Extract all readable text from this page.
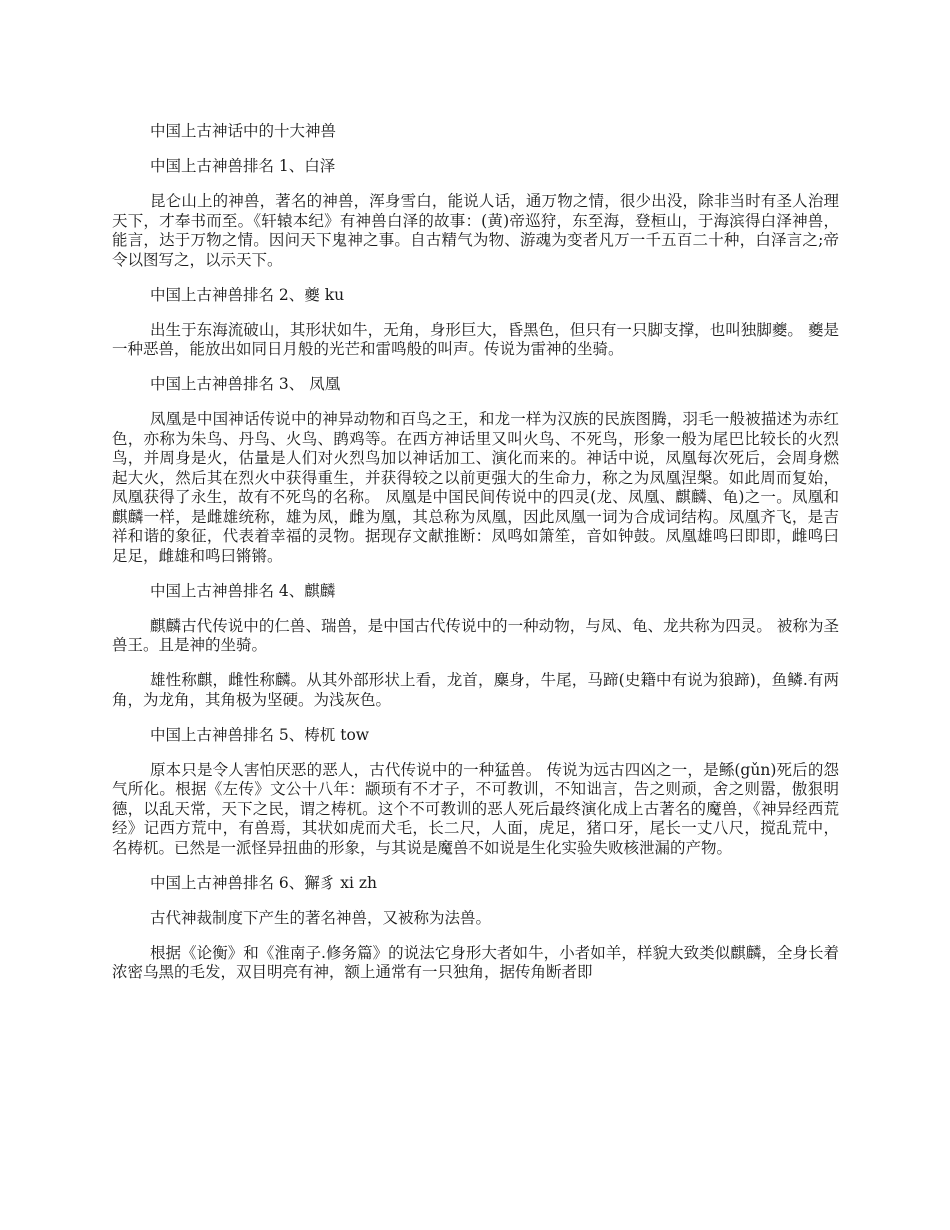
中国上古神话中的十大神兽

中国上古神兽排名 1、白泽

昆仑山上的神兽，著名的神兽，浑身雪白，能说人话，通万物之情，很少出没，除非当时有圣人治理天下，才奉书而至。《轩辕本纪》有神兽白泽的故事：(黄)帝巡狩，东至海，登桓山，于海滨得白泽神兽，能言，达于万物之情。因问天下鬼神之事。自古精气为物、游魂为变者凡万一千五百二十种，白泽言之;帝令以图写之，以示天下。

中国上古神兽排名 2、夔 ku

出生于东海流破山，其形状如牛，无角，身形巨大，昏黑色，但只有一只脚支撑，也叫独脚夔。 夔是一种恶兽，能放出如同日月般的光芒和雷鸣般的叫声。传说为雷神的坐骑。

中国上古神兽排名 3、 凤凰

凤凰是中国神话传说中的神异动物和百鸟之王，和龙一样为汉族的民族图腾，羽毛一般被描述为赤红色，亦称为朱鸟、丹鸟、火鸟、鹍鸡等。在西方神话里又叫火鸟、不死鸟，形象一般为尾巴比较长的火烈鸟，并周身是火，估量是人们对火烈鸟加以神话加工、演化而来的。神话中说，凤凰每次死后，会周身燃起大火，然后其在烈火中获得重生，并获得较之以前更强大的生命力，称之为凤凰涅槃。如此周而复始，凤凰获得了永生，故有不死鸟的名称。 凤凰是中国民间传说中的四灵(龙、凤凰、麒麟、龟)之一。凤凰和麒麟一样，是雌雄统称，雄为凤，雌为凰，其总称为凤凰，因此凤凰一词为合成词结构。凤凰齐飞，是吉祥和谐的象征，代表着幸福的灵物。据现存文献推断：凤鸣如箫笙，音如钟鼓。凤凰雄鸣曰即即，雌鸣曰足足，雌雄和鸣曰锵锵。

中国上古神兽排名 4、麒麟

麒麟古代传说中的仁兽、瑞兽，是中国古代传说中的一种动物，与凤、龟、龙共称为四灵。 被称为圣兽王。且是神的坐骑。

雄性称麒，雌性称麟。从其外部形状上看，龙首，麋身，牛尾，马蹄(史籍中有说为狼蹄)，鱼鳞.有两角，为龙角，其角极为坚硬。为浅灰色。

中国上古神兽排名 5、梼杌 tow

原本只是令人害怕厌恶的恶人，古代传说中的一种猛兽。 传说为远古四凶之一，是鲧(gǔn)死后的怨气所化。根据《左传》文公十八年：颛顼有不才子，不可教训，不知诎言，告之则顽，舍之则嚣，傲狠明德，以乱天常，天下之民，谓之梼杌。这个不可教训的恶人死后最终演化成上古著名的魔兽，《神异经西荒经》记西方荒中，有兽焉，其状如虎而犬毛，长二尺，人面，虎足，猪口牙，尾长一丈八尺，搅乱荒中，名梼杌。已然是一派怪异扭曲的形象，与其说是魔兽不如说是生化实验失败核泄漏的产物。

中国上古神兽排名 6、獬豸 xi zh

古代神裁制度下产生的著名神兽，又被称为法兽。

根据《论衡》和《淮南子.修务篇》的说法它身形大者如牛，小者如羊，样貌大致类似麒麟，全身长着浓密乌黑的毛发，双目明亮有神，额上通常有一只独角，据传角断者即
